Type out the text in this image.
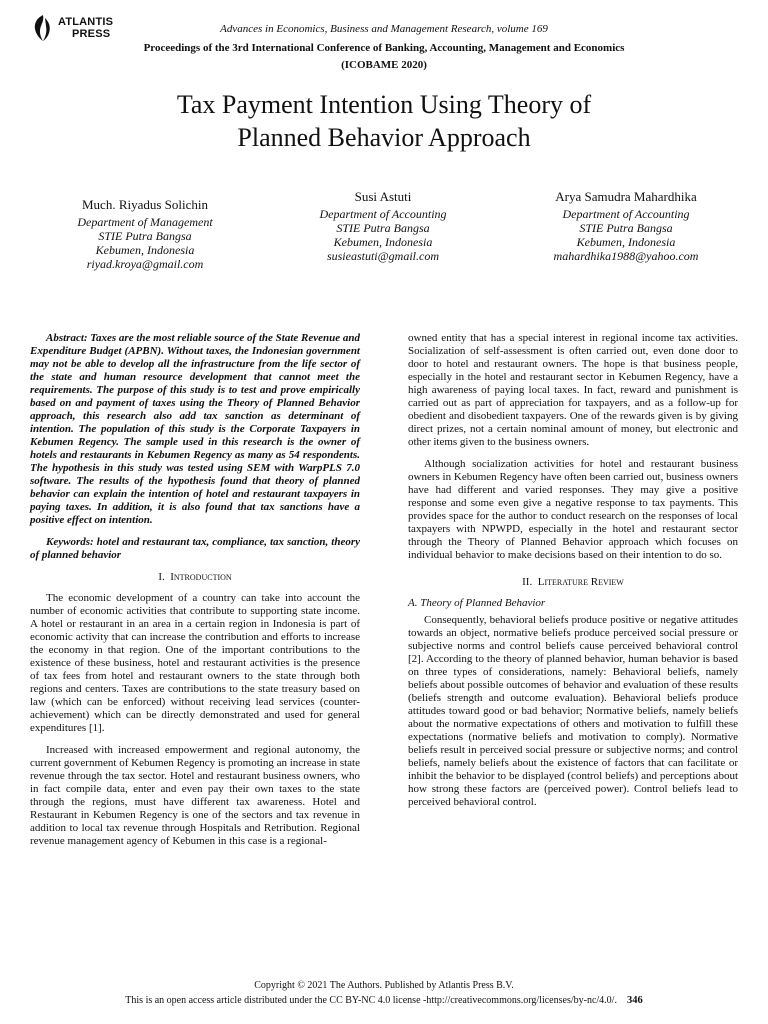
ATLANTIS
PRESS	Advances in Economics, Business and Management Research, volume 169
Proceedings of the 3rd International Conference of Banking, Accounting, Management and Economics (ICOBAME 2020)
Tax Payment Intention Using Theory of
Planned Behavior Approach
Much. Riyadus Solichin
Department of Management
STIE Putra Bangsa
Kebumen, Indonesia
riyad.kroya@gmail.com
Susi Astuti
Department of Accounting
STIE Putra Bangsa
Kebumen, Indonesia
susieastuti@gmail.com
Arya Samudra Mahardhika
Department of Accounting
STIE Putra Bangsa
Kebumen, Indonesia
mahardhika1988@yahoo.com

Abstract: Taxes are the most reliable source of the State Revenue and Expenditure Budget (APBN). Without taxes, the Indonesian government may not be able to develop all the infrastructure from the life sector of the state and human resource development that cannot meet the requirements. The purpose of this study is to test and prove empirically based on and payment of taxes using the Theory of Planned Behavior approach, this research also add tax sanction as determinant of intention. The population of this study is the Corporate Taxpayers in Kebumen Regency. The sample used in this research is the owner of hotels and restaurants in Kebumen Regency as many as 54 respondents. The hypothesis in this study was tested using SEM with WarpPLS 7.0 software. The results of the hypothesis found that theory of planned behavior can explain the intention of hotel and restaurant taxpayers in paying taxes. In addition, it is also found that tax sanctions have a positive effect on intention.

Keywords: hotel and restaurant tax, compliance, tax sanction, theory of planned behavior

I. Introduction

The economic development of a country can take into account the number of economic activities that contribute to supporting state income. A hotel or restaurant in an area in a certain region in Indonesia is part of economic activity that can increase the contribution and efforts to increase the economy in that region. One of the important contributions to the existence of these business, hotel and restaurant activities is the presence of tax fees from hotel and restaurant owners to the state through both regions and centers. Taxes are contributions to the state treasury based on law (which can be enforced) without receiving lead services (counter-achievement) which can be directly demonstrated and used for general expenditures [1].

Increased with increased empowerment and regional autonomy, the current government of Kebumen Regency is promoting an increase in state revenue through the tax sector. Hotel and restaurant business owners, who in fact compile data, enter and even pay their own taxes to the state through the regions, must have different tax awareness. Hotel and Restaurant in Kebumen Regency is one of the sectors and tax revenue in addition to local tax revenue through Hospitals and Retribution. Regional revenue management agency of Kebumen in this case is a regional-

owned entity that has a special interest in regional income tax activities. Socialization of self-assessment is often carried out, even done door to door to hotel and restaurant owners. The hope is that business people, especially in the hotel and restaurant sector in Kebumen Regency, have a high awareness of paying local taxes. In fact, reward and punishment is carried out as part of appreciation for taxpayers, and as a follow-up for obedient and disobedient taxpayers. One of the rewards given is by giving direct prizes, not a certain nominal amount of money, but electronic and other items given to the business owners.

Although socialization activities for hotel and restaurant business owners in Kebumen Regency have often been carried out, business owners have had different and varied responses. They may give a positive response and some even give a negative response to tax payments. This provides space for the author to conduct research on the responses of local taxpayers with NPWPD, especially in the hotel and restaurant sector through the Theory of Planned Behavior approach which focuses on individual behavior to make decisions based on their intention to do so.

II. Literature Review
A. Theory of Planned Behavior

Consequently, behavioral beliefs produce positive or negative attitudes towards an object, normative beliefs produce perceived social pressure or subjective norms and control beliefs cause perceived behavioral control [2]. According to the theory of planned behavior, human behavior is based on three types of considerations, namely: Behavioral beliefs, namely beliefs about possible outcomes of behavior and evaluation of these results (beliefs strength and outcome evaluation). Behavioral beliefs produce attitudes toward good or bad behavior; Normative beliefs, namely beliefs about the normative expectations of others and motivation to fulfill these expectations (normative beliefs and motivation to comply). Normative beliefs result in perceived social pressure or subjective norms; and control beliefs, namely beliefs about the existence of factors that can facilitate or inhibit the behavior to be displayed (control beliefs) and perceptions about how strong these factors are (perceived power). Control beliefs lead to perceived behavioral control.

Copyright © 2021 The Authors. Published by Atlantis Press B.V.
This is an open access article distributed under the CC BY-NC 4.0 license -http://creativecommons.org/licenses/by-nc/4.0/. 346
